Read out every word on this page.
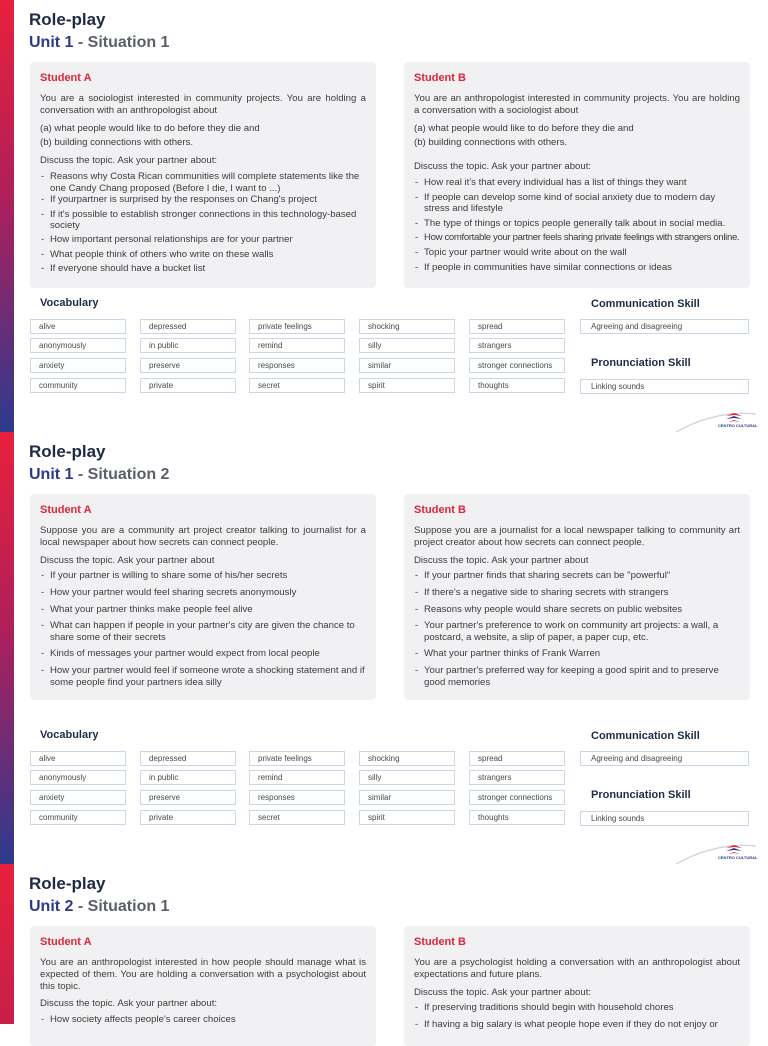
Role-play
Unit 1 - Situation 1
Student A

You are a sociologist interested in community projects. You are holding a conversation with an anthropologist about

(a) what people would like to do before they die and

(b) building connections with others.

Discuss the topic. Ask your partner about:

- Reasons why Costa Rican communities will complete statements like the one Candy Chang proposed (Before I die, I want to ...)
- If yourpartner is surprised by the responses on Chang's project
- If it's possible to establish stronger connections in this technology-based society
- How important personal relationships are for your partner
- What people think of others who write on these walls
- If everyone should have a bucket list
Student B

You are an anthropologist interested in community projects. You are holding a conversation with a sociologist about

(a) what people would like to do before they die and

(b) building connections with others.

Discuss the topic. Ask your partner about:

- How real it's that every individual has a list of things they want
- If people can develop some kind of social anxiety due to modern day stress and lifestyle
- The type of things or topics people generally talk about in social media.
- How comfortable your partner feels sharing private feelings with strangers online.
- Topic your partner would write about on the wall
- If people in communities have similar connections or ideas
Vocabulary
alive	depressed	private feelings	shocking	spread
anonymously	in public	remind	silly	strangers
anxiety	preserve	responses	similar	stronger connections
community	private	secret	spirit	thoughts
Communication Skill
Agreeing and disagreeing
Pronunciation Skill
Linking sounds
CENTRO CULTURAL
Role-play
Unit 1 - Situation 2
Student A

Suppose you are a community art project creator talking to journalist for a local newspaper about how secrets can connect people.

Discuss the topic. Ask your partner about

- If your partner is willing to share some of his/her secrets
- How your partner would feel sharing secrets anonymously
- What your partner thinks make people feel alive
- What can happen if people in your partner's city are given the chance to share some of their secrets
- Kinds of messages your partner would expect from local people
- How your partner would feel if someone wrote a shocking statement and if some people find your partners idea silly
Student B

Suppose you are a journalist for a local newspaper talking to community art project creator about how secrets can connect people.

Discuss the topic. Ask your partner about

- If your partner finds that sharing secrets can be "powerful"
- If there's a negative side to sharing secrets with strangers
- Reasons why people would share secrets on public websites
- Your partner's preference to work on community art projects: a wall, a postcard, a website, a slip of paper, a paper cup, etc.
- What your partner thinks of Frank Warren
- Your partner's preferred way for keeping a good spirit and to preserve good memories
Vocabulary
alive	depressed	private feelings	shocking	spread
anonymously	in public	remind	silly	strangers
anxiety	preserve	responses	similar	stronger connections
community	private	secret	spirit	thoughts
Communication Skill
Agreeing and disagreeing
Pronunciation Skill
Linking sounds
CENTRO CULTURAL
Role-play
Unit 2 - Situation 1
Student A

You are an anthropologist interested in how people should manage what is expected of them. You are holding a conversation with a psychologist about this topic.

Discuss the topic. Ask your partner about:

- How society affects people's career choices
Student B

You are a psychologist holding a conversation with an anthropologist about expectations and future plans.

Discuss the topic. Ask your partner about:

- If preserving traditions should begin with household chores
- If having a big salary is what people hope even if they do not enjoy or
